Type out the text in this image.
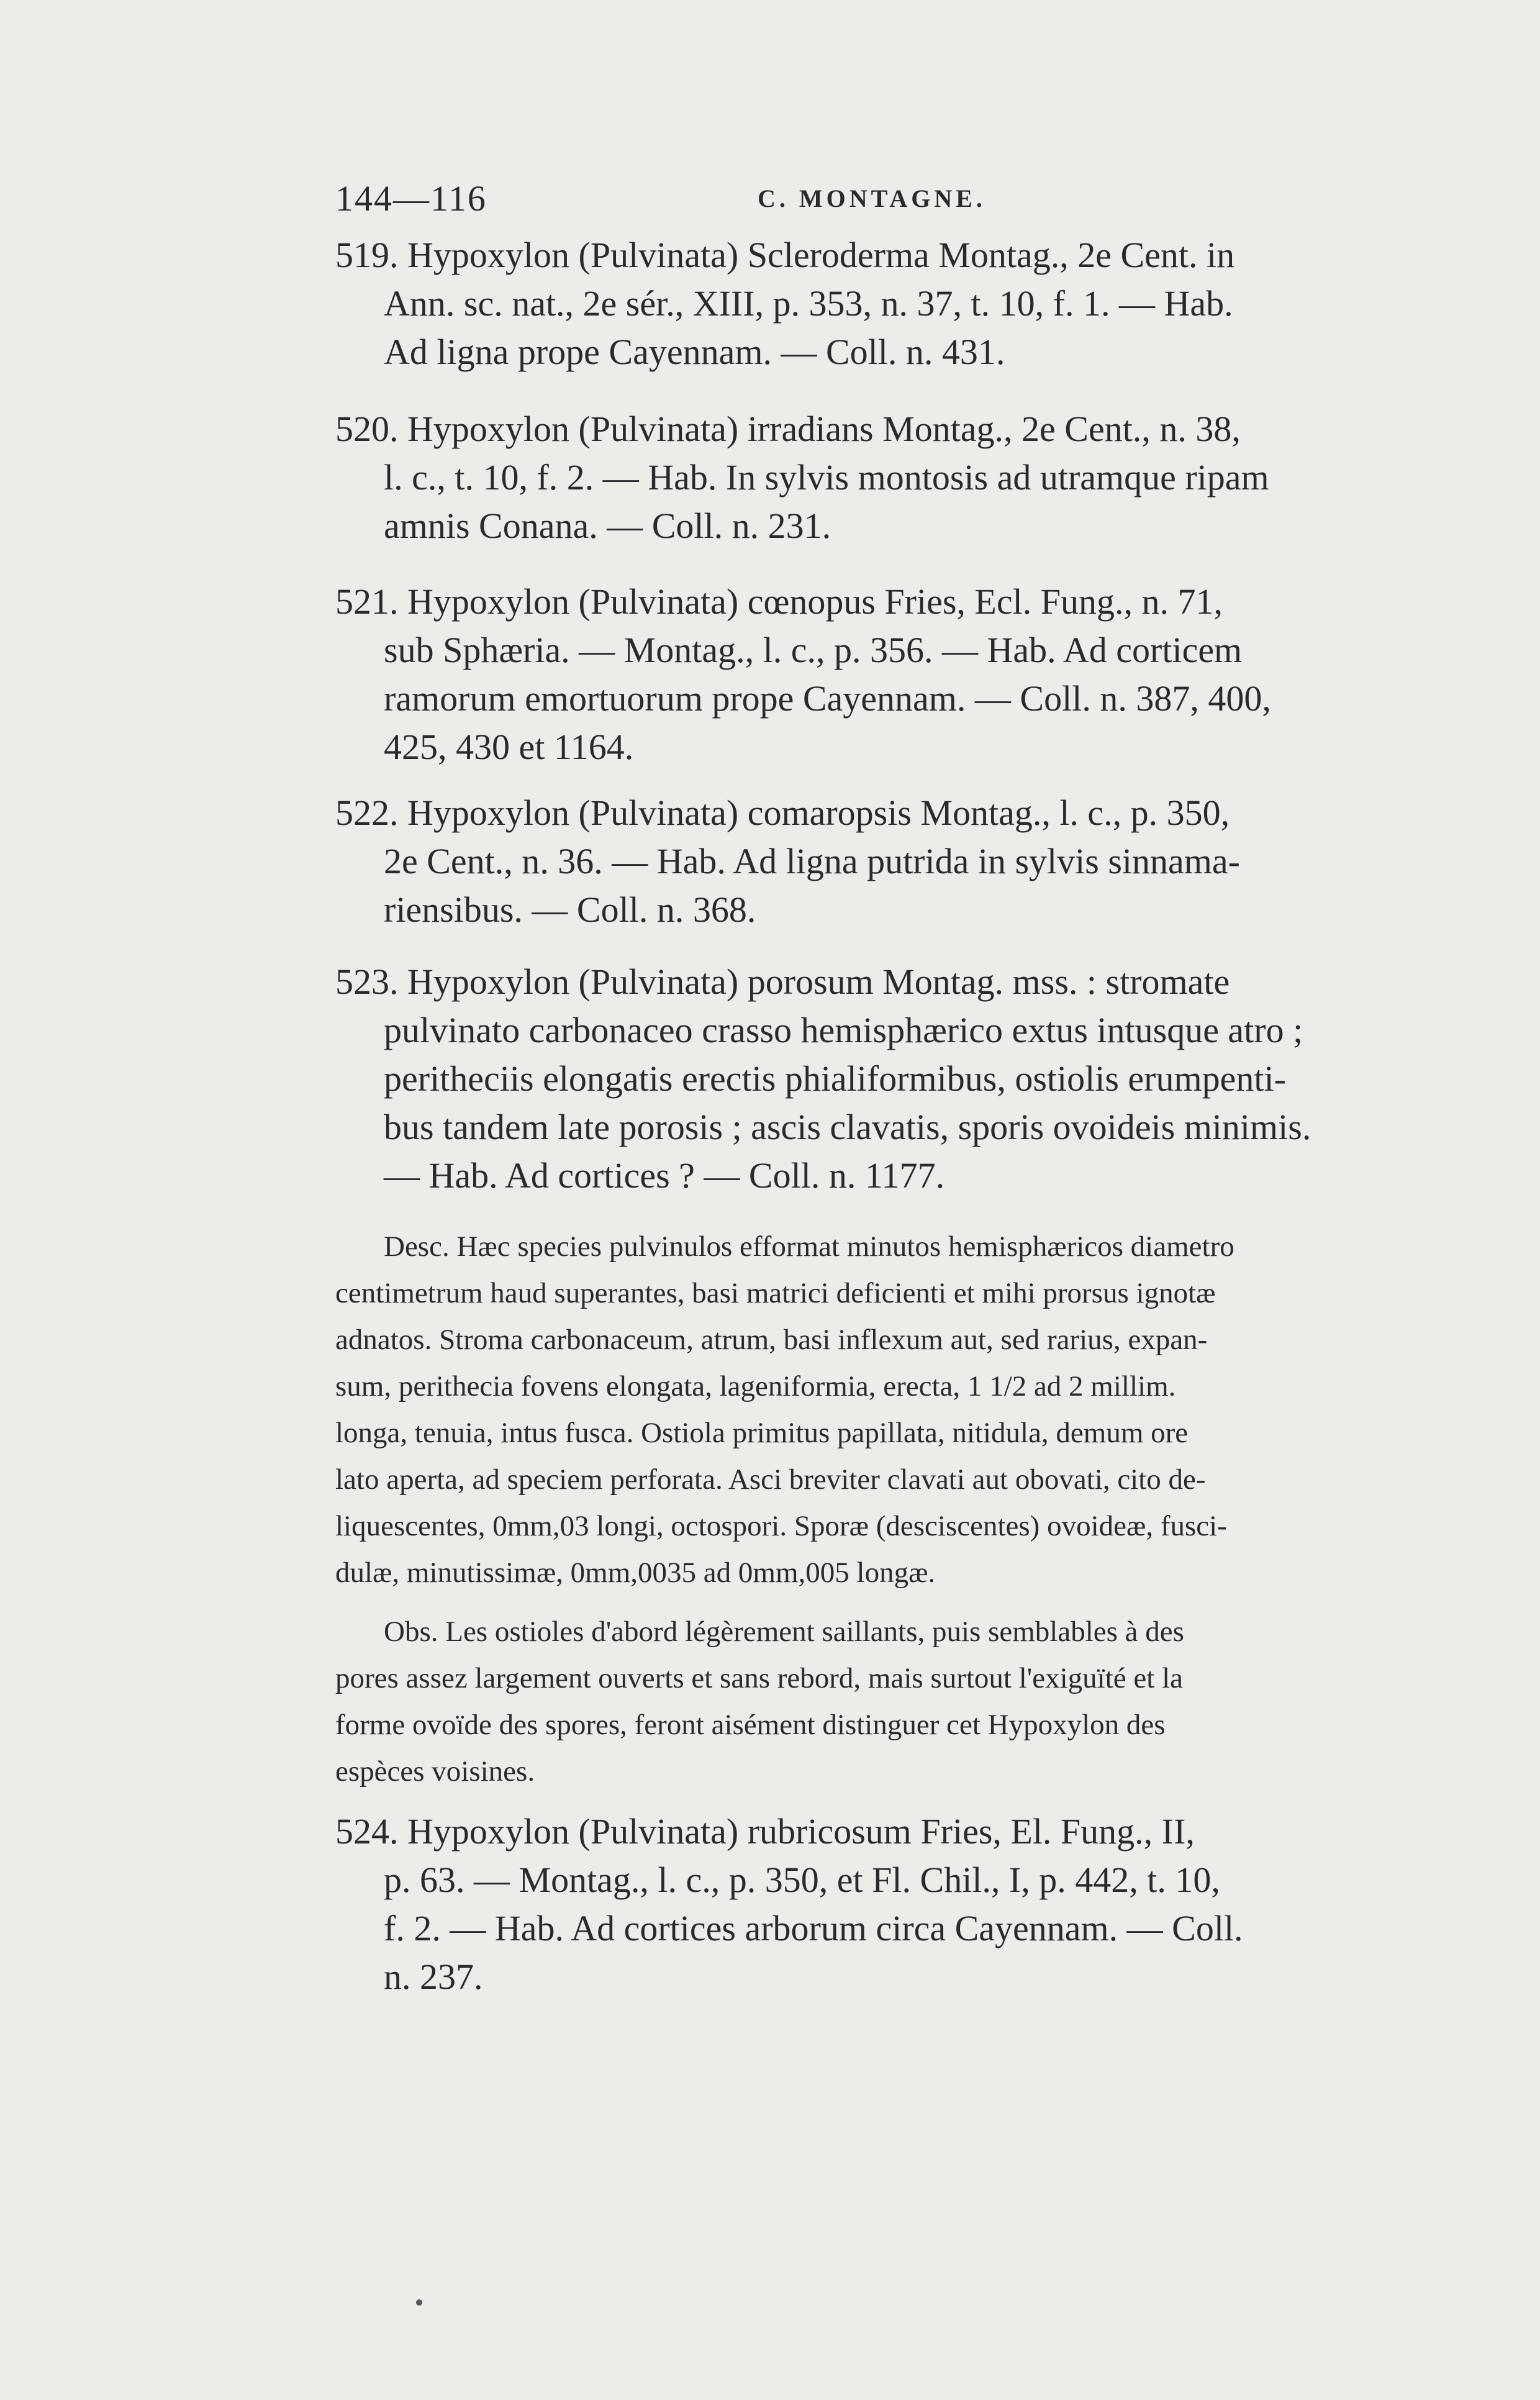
144—116	C. MONTAGNE.
519. Hypoxylon (Pulvinata) Scleroderma Montag., 2e Cent. in
Ann. sc. nat., 2e sér., XIII, p. 353, n. 37, t. 10, f. 1. — Hab.
Ad ligna prope Cayennam. — Coll. n. 431.
520. Hypoxylon (Pulvinata) irradians Montag., 2e Cent., n. 38,
l. c., t. 10, f. 2. — Hab. In sylvis montosis ad utramque ripam
amnis Conana. — Coll. n. 231.
521. Hypoxylon (Pulvinata) cœnopus Fries, Ecl. Fung., n. 71,
sub Sphæria. — Montag., l. c., p. 356. — Hab. Ad corticem
ramorum emortuorum prope Cayennam. — Coll. n. 387, 400,
425, 430 et 1164.
522. Hypoxylon (Pulvinata) comaropsis Montag., l. c., p. 350,
2e Cent., n. 36. — Hab. Ad ligna putrida in sylvis sinnama-
riensibus. — Coll. n. 368.
523. Hypoxylon (Pulvinata) porosum Montag. mss. : stromate
pulvinato carbonaceo crasso hemisphærico extus intusque atro ;
peritheciis elongatis erectis phialiformibus, ostiolis erumpenti-
bus tandem late porosis ; ascis clavatis, sporis ovoideis minimis.
— Hab. Ad cortices ? — Coll. n. 1177.
Desc. Hæc species pulvinulos efformat minutos hemisphæricos diametro
centimetrum haud superantes, basi matrici deficienti et mihi prorsus ignotæ
adnatos. Stroma carbonaceum, atrum, basi inflexum aut, sed rarius, expan-
sum, perithecia fovens elongata, lageniformia, erecta, 1 1/2 ad 2 millim.
longa, tenuia, intus fusca. Ostiola primitus papillata, nitidula, demum ore
lato aperta, ad speciem perforata. Asci breviter clavati aut obovati, cito de-
liquescentes, 0mm,03 longi, octospori. Sporæ (desciscentes) ovoideæ, fusci-
dulæ, minutissimæ, 0mm,0035 ad 0mm,005 longæ.
Obs. Les ostioles d'abord légèrement saillants, puis semblables à des
pores assez largement ouverts et sans rebord, mais surtout l'exiguïté et la
forme ovoïde des spores, feront aisément distinguer cet Hypoxylon des
espèces voisines.
524. Hypoxylon (Pulvinata) rubricosum Fries, El. Fung., II,
p. 63. — Montag., l. c., p. 350, et Fl. Chil., I, p. 442, t. 10,
f. 2. — Hab. Ad cortices arborum circa Cayennam. — Coll.
n. 237.
